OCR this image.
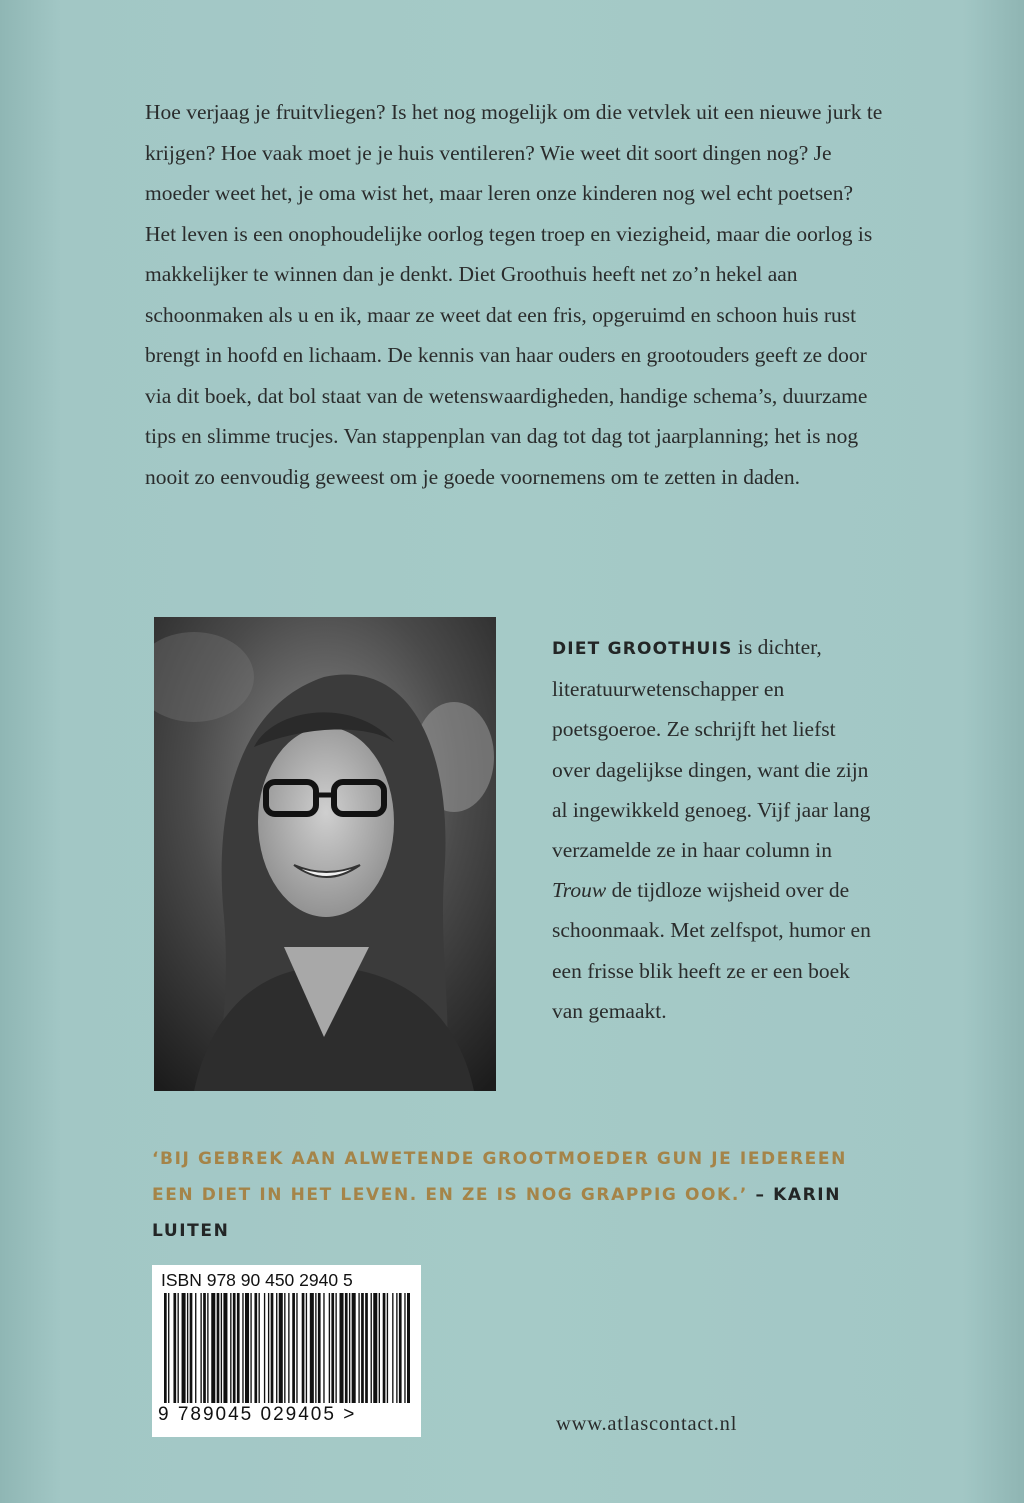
Hoe verjaag je fruitvliegen? Is het nog mogelijk om die vetvlek uit een nieuwe jurk te krijgen? Hoe vaak moet je je huis ventileren? Wie weet dit soort dingen nog? Je moeder weet het, je oma wist het, maar leren onze kinderen nog wel echt poetsen?

Het leven is een onophoudelijke oorlog tegen troep en viezigheid, maar die oorlog is makkelijker te winnen dan je denkt. Diet Groothuis heeft net zo’n hekel aan schoonmaken als u en ik, maar ze weet dat een fris, opgeruimd en schoon huis rust brengt in hoofd en lichaam. De kennis van haar ouders en grootouders geeft ze door via dit boek, dat bol staat van de wetenswaardigheden, handige schema’s, duurzame tips en slimme trucjes. Van stappenplan van dag tot dag tot jaarplanning; het is nog nooit zo eenvoudig geweest om je goede voornemens om te zetten in daden.

DIET GROOTHUIS is dichter, literatuurwetenschapper en poetsgoeroe. Ze schrijft het liefst over dagelijkse dingen, want die zijn al ingewikkeld genoeg. Vijf jaar lang verzamelde ze in haar column in Trouw de tijdloze wijsheid over de schoonmaak. Met zelfspot, humor en een frisse blik heeft ze er een boek van gemaakt.
‘BIJ GEBREK AAN ALWETENDE GROOTMOEDER GUN JE IEDEREEN EEN DIET IN HET LEVEN. EN ZE IS NOG GRAPPIG OOK.’ – KARIN LUITEN
ISBN 978 90 450 2940 5
9 789045 029405 >	www.atlascontact.nl
